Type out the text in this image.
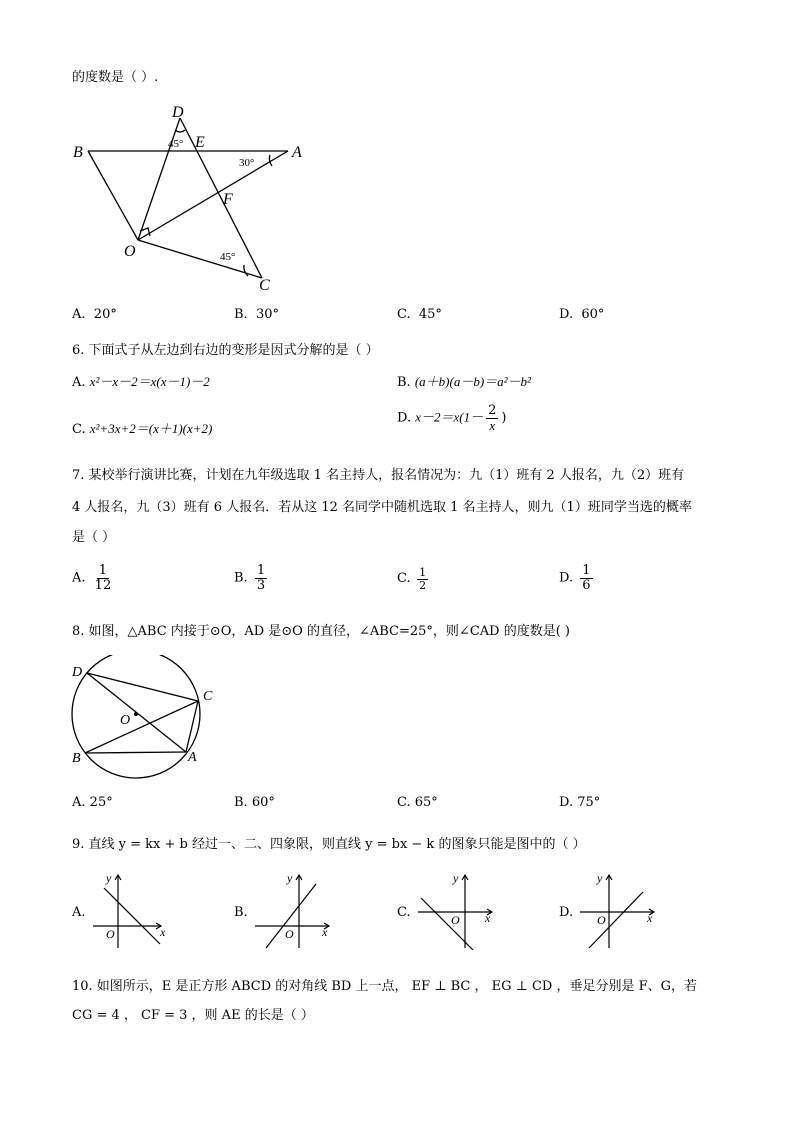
的度数是（ ）.
D
E
B	A
F
O
C
45°
30°
45°
A. 20°	B. 30°	C. 45°	D. 60°
6. 下面式子从左边到右边的变形是因式分解的是（ ）
A. x²－x－2＝x(x－1)－2	B. (a＋b)(a－b)＝a²－b²
C. x²+3x+2＝(x＋1)(x+2)
D. $x-2=x(1- \frac{2}{x}$ )
7. 某校举行演讲比赛，计划在九年级选取 1 名主持人，报名情况为：九（1）班有 2 人报名，九（2）班有
4 人报名，九（3）班有 6 人报名．若从这 12 名同学中随机选取 1 名主持人，则九（1）班同学当选的概率
是（ ）
A. $\frac{1}{12}$	B. $\frac{1}{3}$	C. $\frac{1}{2}$	D. $\frac{1}{6}$
8. 如图，△ABC 内接于⊙O，AD 是⊙O 的直径，∠ABC=25°，则∠CAD 的度数是( )
D
C
O
B	A
A. 25°	B. 60°	C. 65°	D. 75°
9. 直线 y = kx + b 经过一、二、四象限，则直线 y = bx − k 的图象只能是图中的（ ）
A.
y
O	x
B.
y
O x
C.
y
O x	D.
y
O	x
10. 如图所示，E 是正方形 ABCD 的对角线 BD 上一点， EF ⊥ BC ， EG ⊥ CD ，垂足分别是 F、G，若
CG = 4 ， CF = 3 ，则 AE 的长是（ ）
